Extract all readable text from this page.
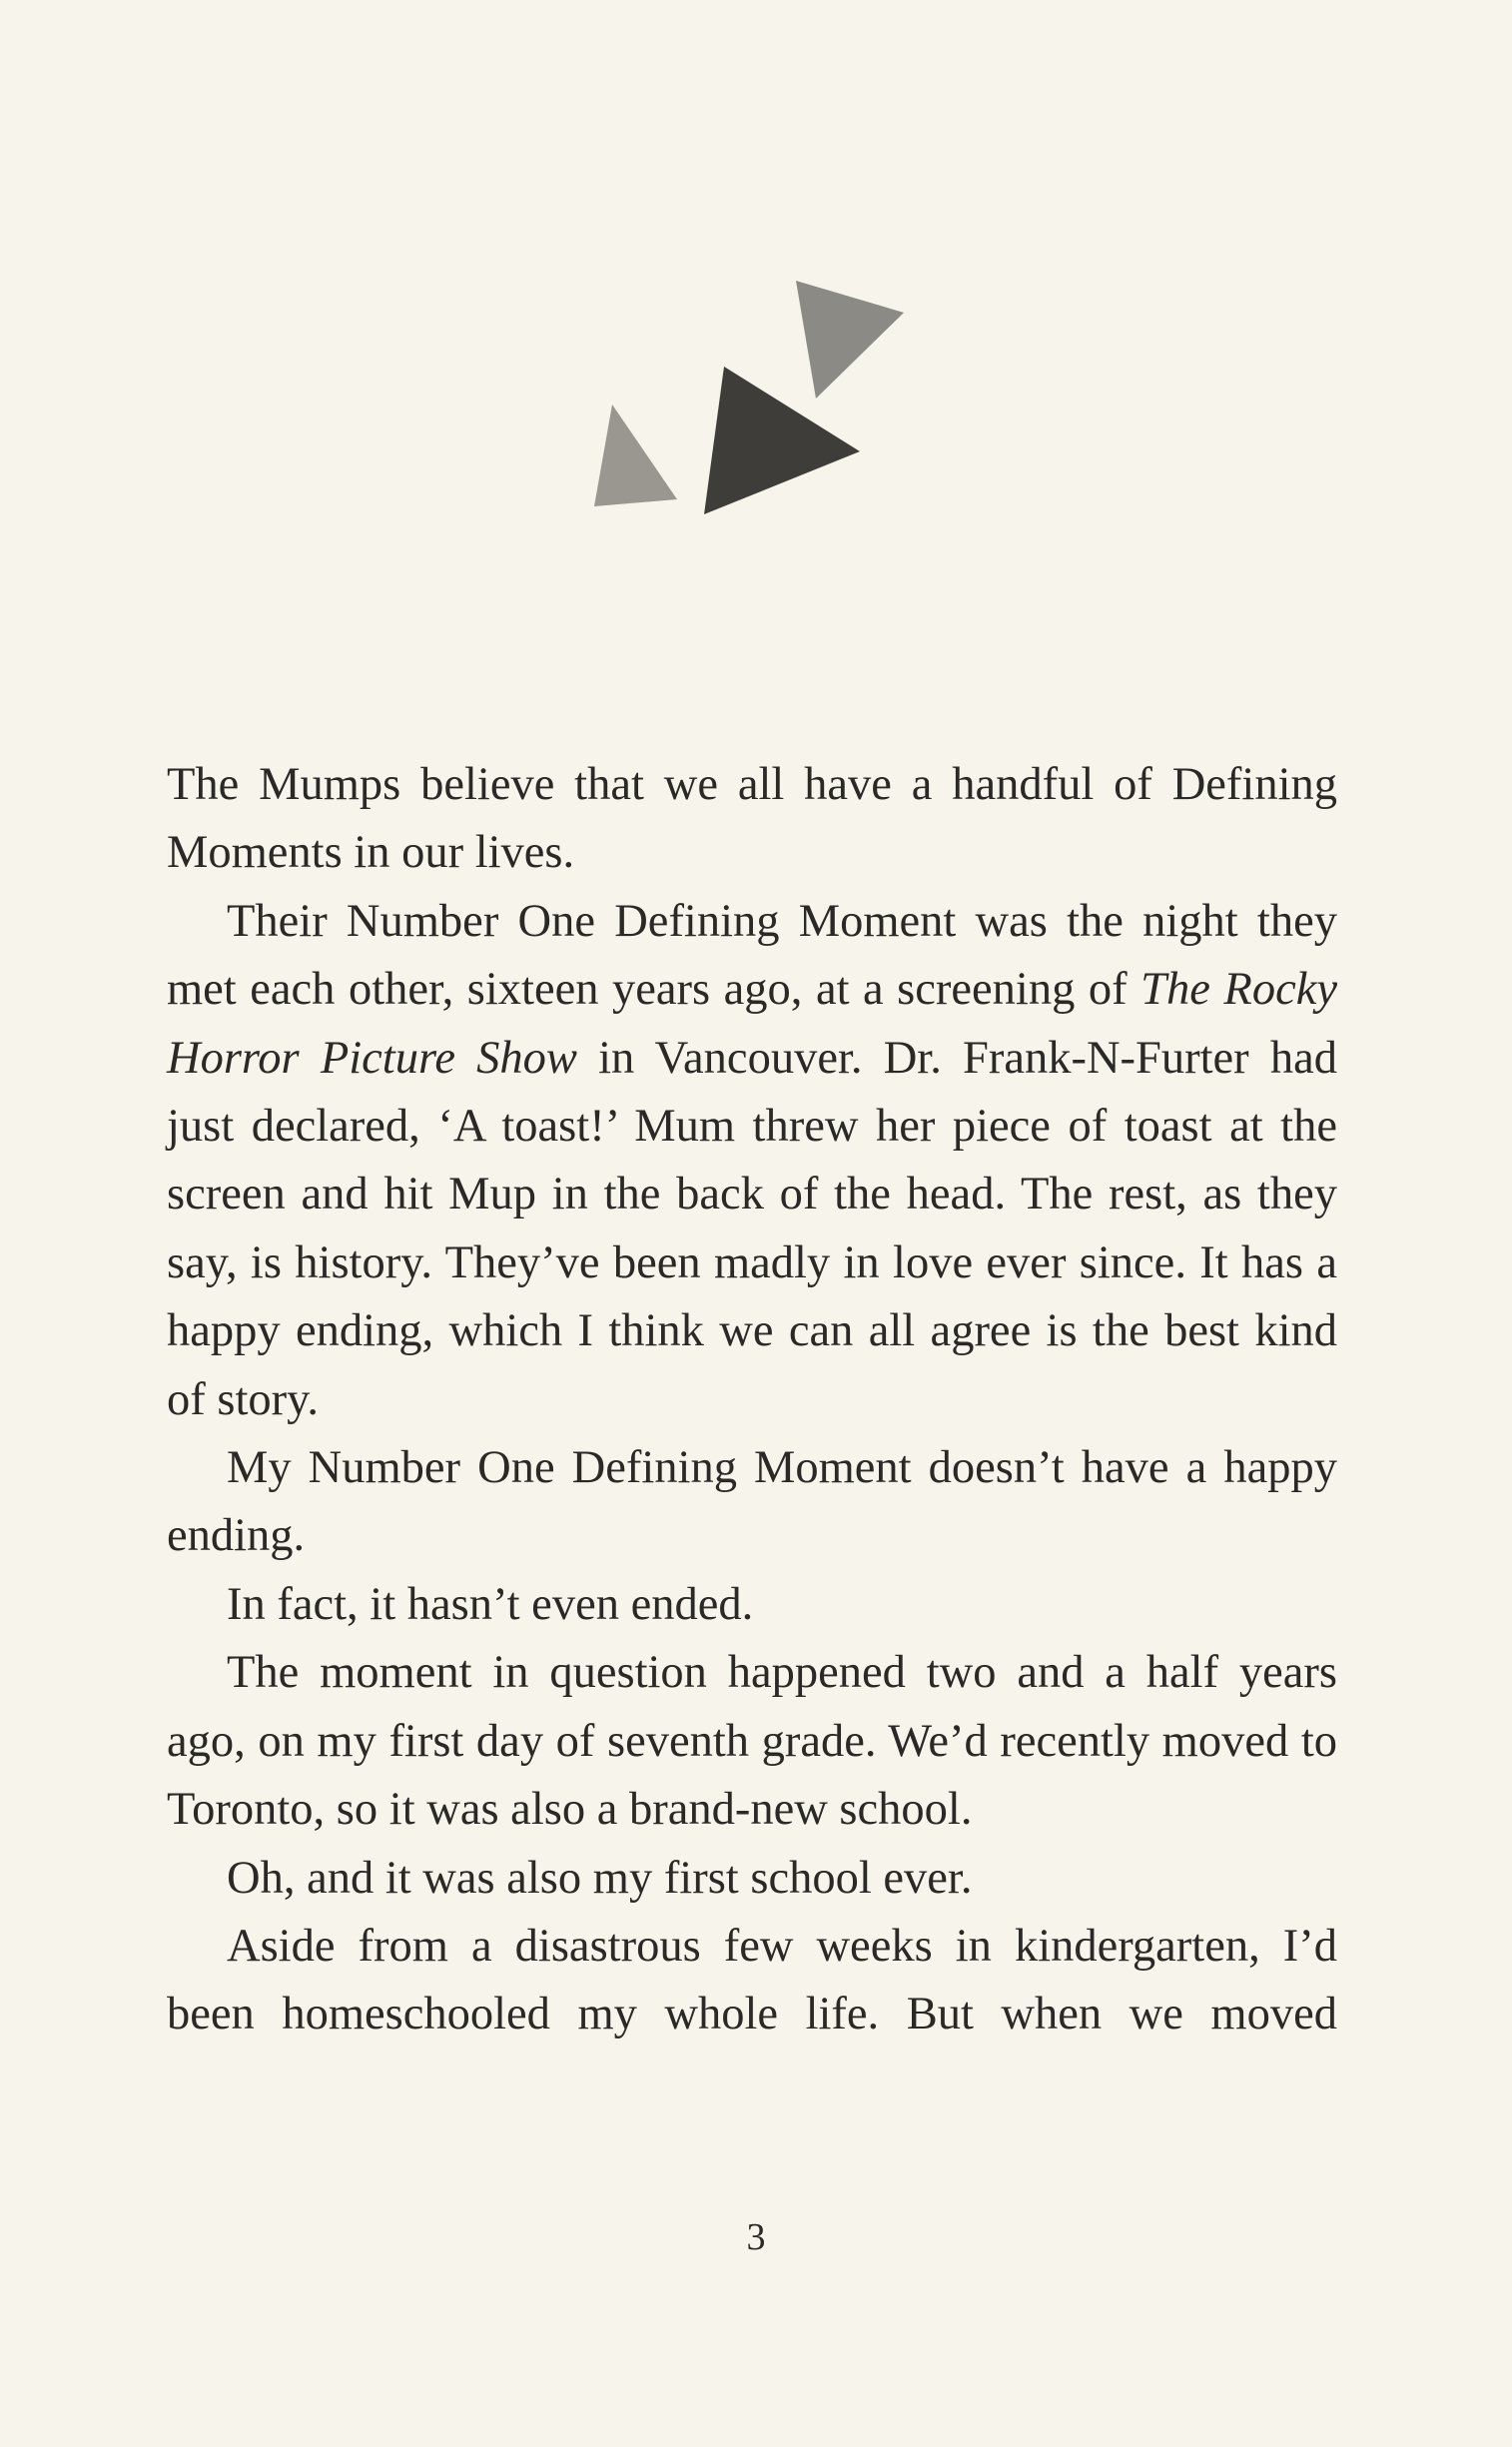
The Mumps believe that we all have a handful of Defining Moments in our lives.

Their Number One Defining Moment was the night they met each other, sixteen years ago, at a screening of The Rocky Horror Picture Show in Vancouver. Dr. Frank-N-Furter had just declared, ‘A toast!’ Mum threw her piece of toast at the screen and hit Mup in the back of the head. The rest, as they say, is history. They’ve been madly in love ever since. It has a happy ending, which I think we can all agree is the best kind of story.

My Number One Defining Moment doesn’t have a happy ending.

In fact, it hasn’t even ended.

The moment in question happened two and a half years ago, on my first day of seventh grade. We’d recently moved to Toronto, so it was also a brand-new school.

Oh, and it was also my first school ever.

Aside from a disastrous few weeks in kindergarten, I’d been homeschooled my whole life. But when we moved

3
